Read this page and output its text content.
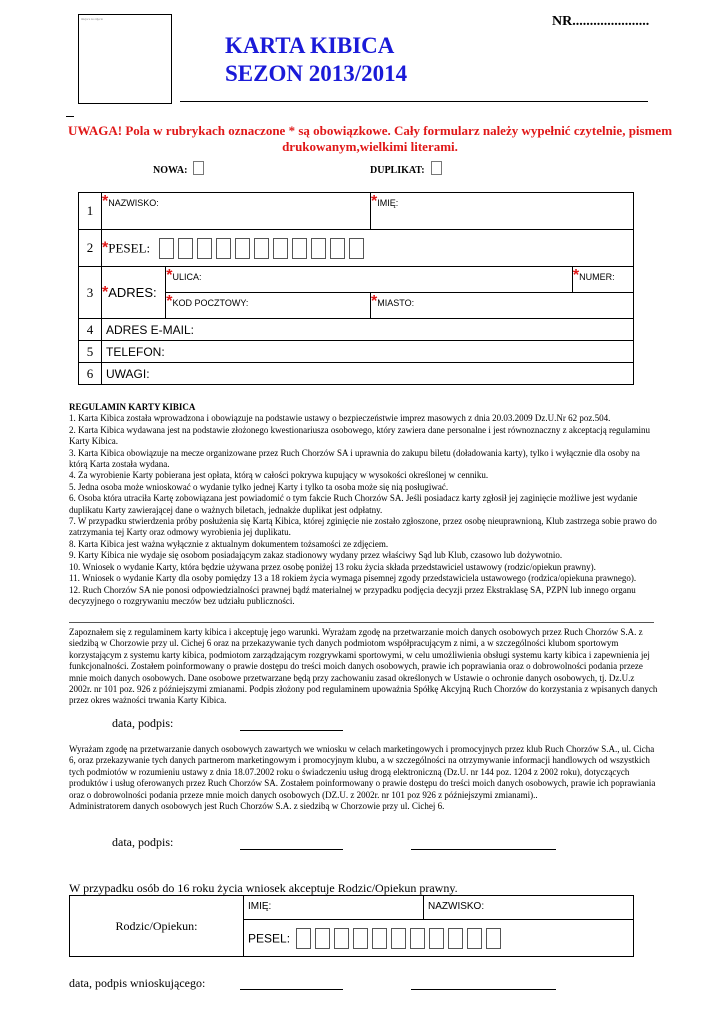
miejsce na zdjęcie	NR......................
KARTA KIBICA
SEZON 2013/2014
UWAGA! Pola w rubrykach oznaczone * są obowiązkowe. Cały formularz należy wypełnić czytelnie, pismem drukowanym,wielkimi literami.
NOWA:	DUPLIKAT:
1	*NAZWISKO:		*IMIĘ:	
2	*PESEL:			

3	*ADRES:	*ULICA:		*NUMER:
		*KOD POCZTOWY:	*MIASTO:	
4	ADRES E-MAIL:			
5	TELEFON:			
6	UWAGI:			

REGULAMIN KARTY KIBICA

1. Karta Kibica została wprowadzona i obowiązuje na podstawie ustawy o bezpieczeństwie imprez masowych z dnia 20.03.2009 Dz.U.Nr 62 poz.504.

2. Karta Kibica wydawana jest na podstawie złożonego kwestionariusza osobowego, który zawiera dane personalne i jest równoznaczny z akceptacją regulaminu Karty Kibica.

3. Karta Kibica obowiązuje na mecze organizowane przez Ruch Chorzów SA i uprawnia do zakupu biletu (doładowania karty), tylko i wyłącznie dla osoby na którą Karta została wydana.

4. Za wyrobienie Karty pobierana jest opłata, którą w całości pokrywa kupujący w wysokości określonej w cenniku.

5. Jedna osoba może wnioskować o wydanie tylko jednej Karty i tylko ta osoba może się nią posługiwać.

6. Osoba która utraciła Kartę zobowiązana jest powiadomić o tym fakcie Ruch Chorzów SA. Jeśli posiadacz karty zgłosił jej zaginięcie możliwe jest wydanie duplikatu Karty zawierającej dane o ważnych biletach, jednakże duplikat jest odpłatny.

7. W przypadku stwierdzenia próby posłużenia się Kartą Kibica, której zginięcie nie zostało zgłoszone, przez osobę nieuprawnioną, Klub zastrzega sobie prawo do zatrzymania tej Karty oraz odmowy wyrobienia jej duplikatu.

8. Karta Kibica jest ważna wyłącznie z aktualnym dokumentem tożsamości ze zdjęciem.

9. Karty Kibica nie wydaje się osobom posiadającym zakaz stadionowy wydany przez właściwy Sąd lub Klub, czasowo lub dożywotnio.

10. Wniosek o wydanie Karty, która będzie używana przez osobę poniżej 13 roku życia składa przedstawiciel ustawowy (rodzic/opiekun prawny).

11. Wniosek o wydanie Karty dla osoby pomiędzy 13 a 18 rokiem życia wymaga pisemnej zgody przedstawiciela ustawowego (rodzica/opiekuna prawnego).

12. Ruch Chorzów SA nie ponosi odpowiedzialności prawnej bądź materialnej w przypadku podjęcia decyzji przez Ekstraklasę SA, PZPN lub innego organu decyzyjnego o rozgrywaniu meczów bez udziału publiczności.

Zapoznałem się z regulaminem karty kibica i akceptuję jego warunki. Wyrażam zgodę na przetwarzanie moich danych osobowych przez Ruch Chorzów S.A. z siedzibą w Chorzowie przy ul. Cichej 6 oraz na przekazywanie tych danych podmiotom współpracującym z nimi, a w szczególności klubom sportowym korzystającym z systemu karty kibica, podmiotom zarządzającym rozgrywkami sportowymi, w celu umożliwienia obsługi systemu karty kibica i zapewnienia jej funkcjonalności. Zostałem poinformowany o prawie dostępu do treści moich danych osobowych, prawie ich poprawiania oraz o dobrowolności podania przeze mnie moich danych osobowych. Dane osobowe przetwarzane będą przy zachowaniu zasad określonych w Ustawie o ochronie danych osobowych, tj. Dz.U.z 2002r. nr 101 poz. 926 z późniejszymi zmianami. Podpis złożony pod regulaminem upoważnia Spółkę Akcyjną Ruch Chorzów do korzystania z wpisanych danych przez okres ważności trwania Karty Kibica.
data, podpis:
Wyrażam zgodę na przetwarzanie danych osobowych zawartych we wniosku w celach marketingowych i promocyjnych przez klub Ruch Chorzów S.A., ul. Cicha 6, oraz przekazywanie tych danych partnerom marketingowym i promocyjnym klubu, a w szczególności na otrzymywanie informacji handlowych od wszystkich tych podmiotów w rozumieniu ustawy z dnia 18.07.2002 roku o świadczeniu usług drogą elektroniczną (Dz.U. nr 144 poz. 1204 z 2002 roku), dotyczących produktów i usług oferowanych przez Ruch Chorzów SA. Zostałem poinformowany o prawie dostępu do treści moich danych osobowych, prawie ich poprawiania oraz o dobrowolności podania przeze mnie moich danych osobowych (DZ.U. z 2002r. nr 101 poz 926 z późniejszymi zmianami)..
Administratorem danych osobowych jest Ruch Chorzów S.A. z siedzibą w Chorzowie przy ul. Cichej 6.
data, podpis:
W przypadku osób do 16 roku życia wniosek akceptuje Rodzic/Opiekun prawny.
Rodzic/Opiekun:	IMIĘ:	NAZWISKO:
PESEL:
data, podpis wnioskującego:
